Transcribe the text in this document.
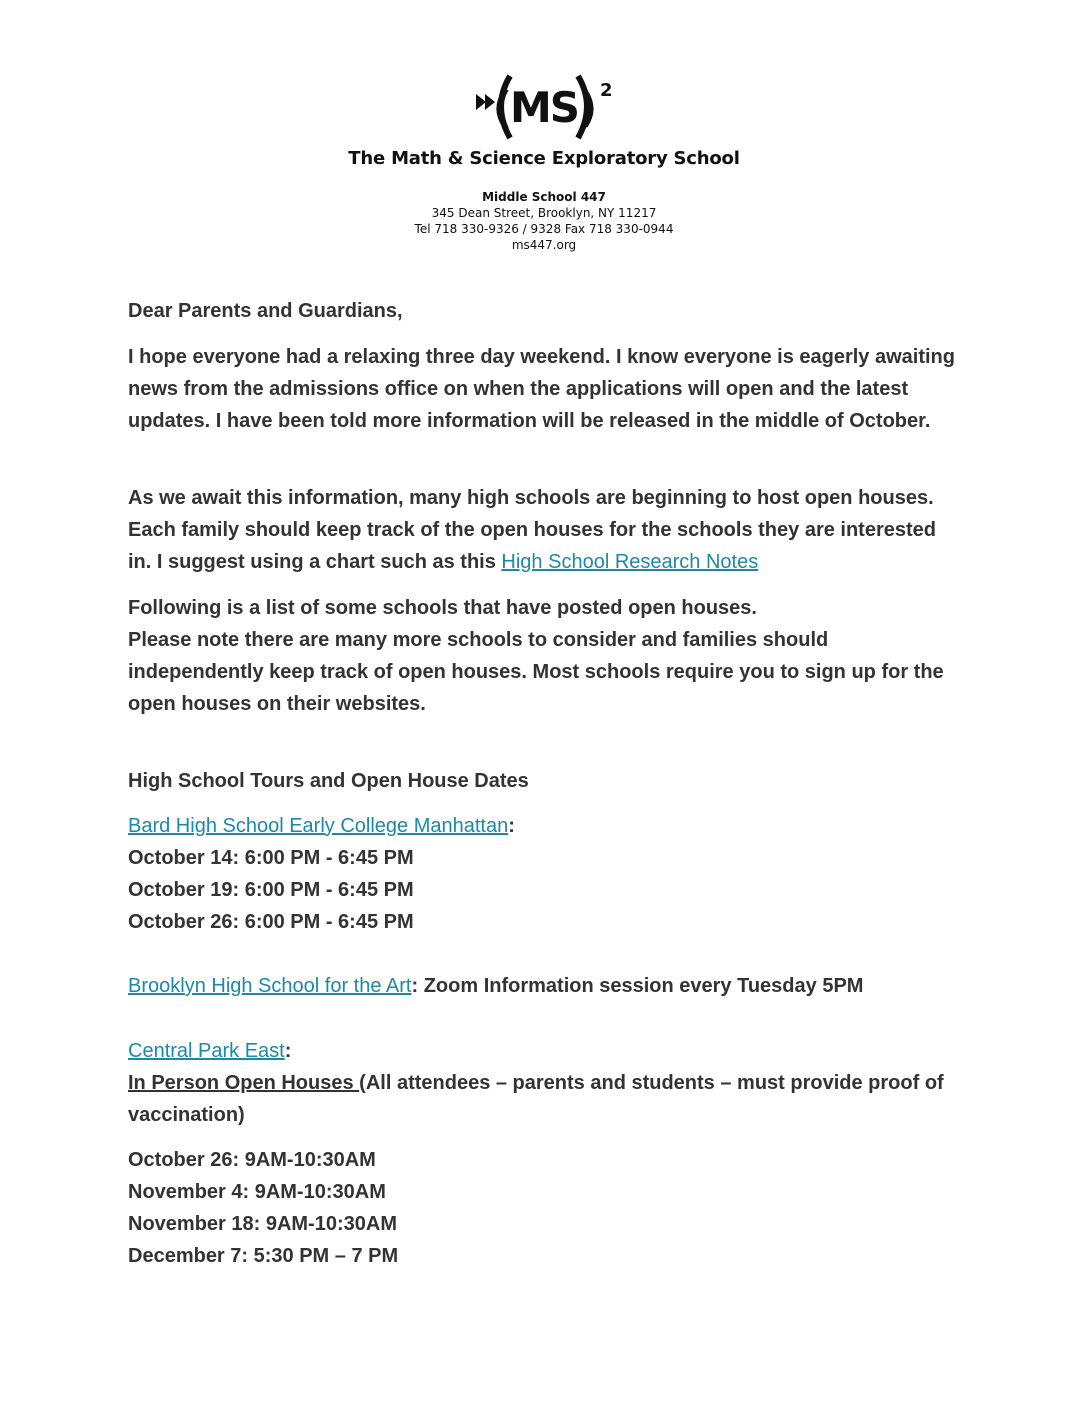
(MS) 2
The Math & Science Exploratory School
Middle School 447
345 Dean Street, Brooklyn, NY 11217
Tel 718 330-9326 / 9328 Fax 718 330-0944
ms447.org
Dear Parents and Guardians,

I hope everyone had a relaxing three day weekend. I know everyone is eagerly awaiting news from the admissions office on when the applications will open and the latest updates. I have been told more information will be released in the middle of October.

As we await this information, many high schools are beginning to host open houses. Each family should keep track of the open houses for the schools they are interested in. I suggest using a chart such as this High School Research Notes

Following is a list of some schools that have posted open houses.
Please note there are many more schools to consider and families should independently keep track of open houses. Most schools require you to sign up for the open houses on their websites.
High School Tours and Open House Dates
Bard High School Early College Manhattan:
October 14: 6:00 PM - 6:45 PM
October 19: 6:00 PM - 6:45 PM
October 26: 6:00 PM - 6:45 PM
Brooklyn High School for the Art: Zoom Information session every Tuesday 5PM
Central Park East:
In Person Open Houses (All attendees – parents and students – must provide proof of vaccination)
October 26: 9AM-10:30AM
November 4: 9AM-10:30AM
November 18: 9AM-10:30AM
December 7: 5:30 PM – 7 PM
